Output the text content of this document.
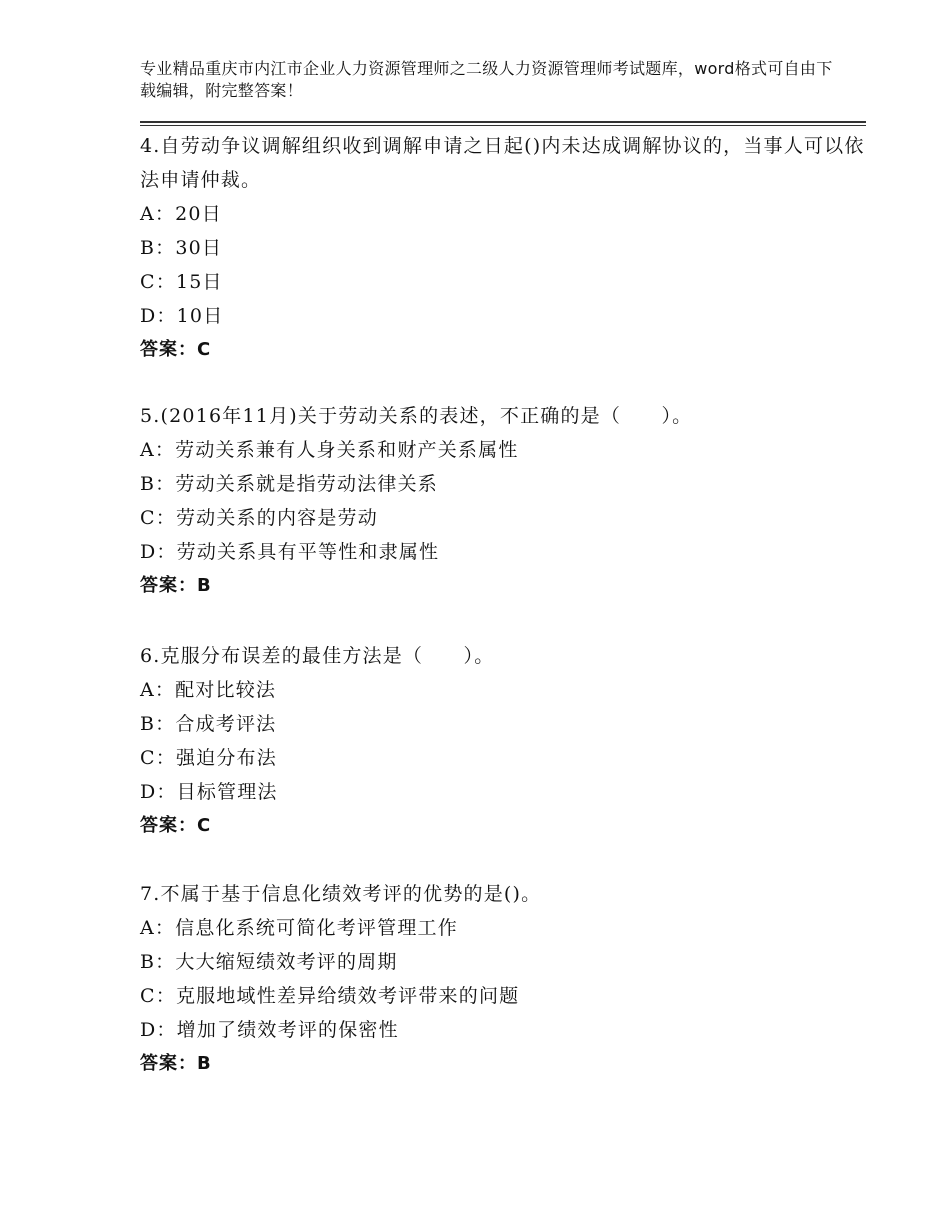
专业精品重庆市内江市企业人力资源管理师之二级人力资源管理师考试题库，word格式可自由下载编辑，附完整答案！
4.自劳动争议调解组织收到调解申请之日起()内未达成调解协议的，当事人可以依法申请仲裁。
A：20日
B：30日
C：15日
D：10日
答案：C
5.(2016年11月)关于劳动关系的表述，不正确的是（　　）。
A：劳动关系兼有人身关系和财产关系属性
B：劳动关系就是指劳动法律关系
C：劳动关系的内容是劳动
D：劳动关系具有平等性和隶属性
答案：B
6.克服分布误差的最佳方法是（　　）。
A：配对比较法
B：合成考评法
C：强迫分布法
D：目标管理法
答案：C
7.不属于基于信息化绩效考评的优势的是()。
A：信息化系统可简化考评管理工作
B：大大缩短绩效考评的周期
C：克服地域性差异给绩效考评带来的问题
D：增加了绩效考评的保密性
答案：B
